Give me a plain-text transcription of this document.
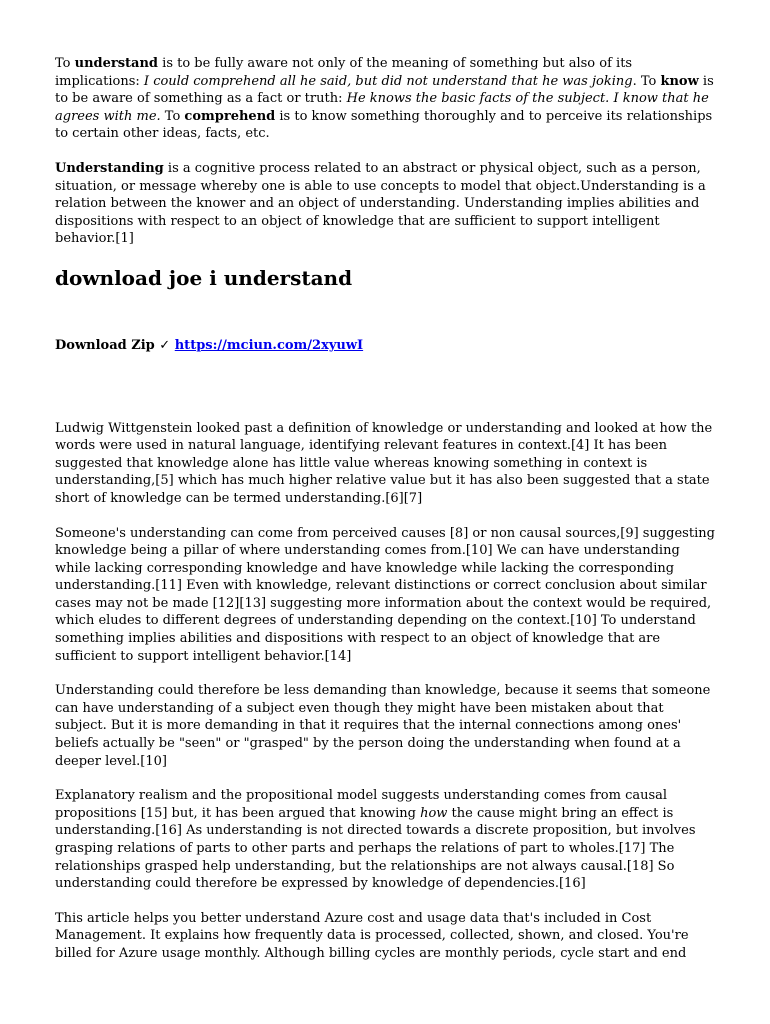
To understand is to be fully aware not only of the meaning of something but also of its implications: I could comprehend all he said, but did not understand that he was joking. To know is to be aware of something as a fact or truth: He knows the basic facts of the subject. I know that he agrees with me. To comprehend is to know something thoroughly and to perceive its relationships to certain other ideas, facts, etc.

Understanding is a cognitive process related to an abstract or physical object, such as a person, situation, or message whereby one is able to use concepts to model that object.Understanding is a relation between the knower and an object of understanding. Understanding implies abilities and dispositions with respect to an object of knowledge that are sufficient to support intelligent behavior.[1]

download joe i understand

Download Zip ✓ https://mciun.com/2xyuwI

Ludwig Wittgenstein looked past a definition of knowledge or understanding and looked at how the words were used in natural language, identifying relevant features in context.[4] It has been suggested that knowledge alone has little value whereas knowing something in context is understanding,[5] which has much higher relative value but it has also been suggested that a state short of knowledge can be termed understanding.[6][7]

Someone's understanding can come from perceived causes [8] or non causal sources,[9] suggesting knowledge being a pillar of where understanding comes from.[10] We can have understanding while lacking corresponding knowledge and have knowledge while lacking the corresponding understanding.[11] Even with knowledge, relevant distinctions or correct conclusion about similar cases may not be made [12][13] suggesting more information about the context would be required, which eludes to different degrees of understanding depending on the context.[10] To understand something implies abilities and dispositions with respect to an object of knowledge that are sufficient to support intelligent behavior.[14]

Understanding could therefore be less demanding than knowledge, because it seems that someone can have understanding of a subject even though they might have been mistaken about that subject. But it is more demanding in that it requires that the internal connections among ones' beliefs actually be "seen" or "grasped" by the person doing the understanding when found at a deeper level.[10]

Explanatory realism and the propositional model suggests understanding comes from causal propositions [15] but, it has been argued that knowing how the cause might bring an effect is understanding.[16] As understanding is not directed towards a discrete proposition, but involves grasping relations of parts to other parts and perhaps the relations of part to wholes.[17] The relationships grasped help understanding, but the relationships are not always causal.[18] So understanding could therefore be expressed by knowledge of dependencies.[16]

This article helps you better understand Azure cost and usage data that's included in Cost Management. It explains how frequently data is processed, collected, shown, and closed. You're billed for Azure usage monthly. Although billing cycles are monthly periods, cycle start and end
